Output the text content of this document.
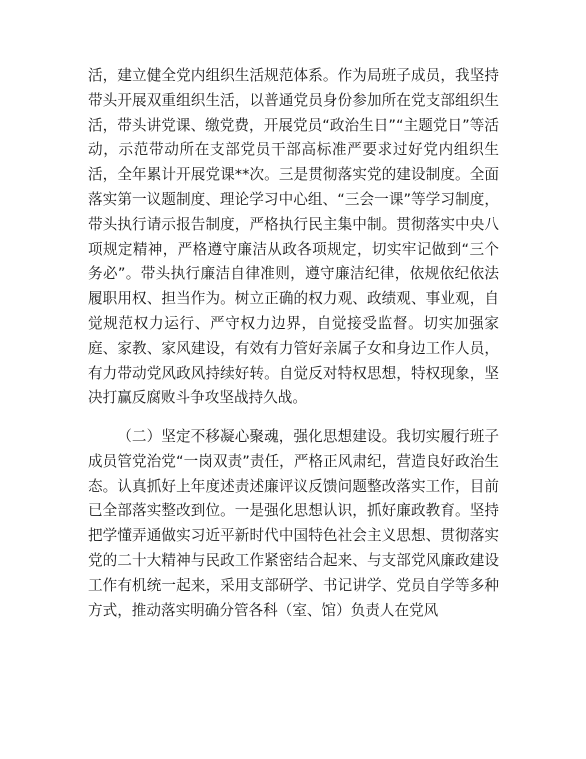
活，建立健全党内组织生活规范体系。作为局班子成员，我坚持带头开展双重组织生活，以普通党员身份参加所在党支部组织生活，带头讲党课、缴党费，开展党员“政治生日”“主题党日”等活动，示范带动所在支部党员干部高标准严要求过好党内组织生活，全年累计开展党课**次。三是贯彻落实党的建设制度。全面落实第一议题制度、理论学习中心组、“三会一课”等学习制度，带头执行请示报告制度，严格执行民主集中制。贯彻落实中央八项规定精神，严格遵守廉洁从政各项规定，切实牢记做到“三个务必”。带头执行廉洁自律准则，遵守廉洁纪律，依规依纪依法履职用权、担当作为。树立正确的权力观、政绩观、事业观，自觉规范权力运行、严守权力边界，自觉接受监督。切实加强家庭、家教、家风建设，有效有力管好亲属子女和身边工作人员，有力带动党风政风持续好转。自觉反对特权思想，特权现象，坚决打赢反腐败斗争攻坚战持久战。
（二）坚定不移凝心聚魂，强化思想建设。我切实履行班子成员管党治党“一岗双责”责任，严格正风肃纪，营造良好政治生态。认真抓好上年度述责述廉评议反馈问题整改落实工作，目前已全部落实整改到位。一是强化思想认识，抓好廉政教育。坚持把学懂弄通做实习近平新时代中国特色社会主义思想、贯彻落实党的二十大精神与民政工作紧密结合起来、与支部党风廉政建设工作有机统一起来，采用支部研学、书记讲学、党员自学等多种方式，推动落实明确分管各科（室、馆）负责人在党风
